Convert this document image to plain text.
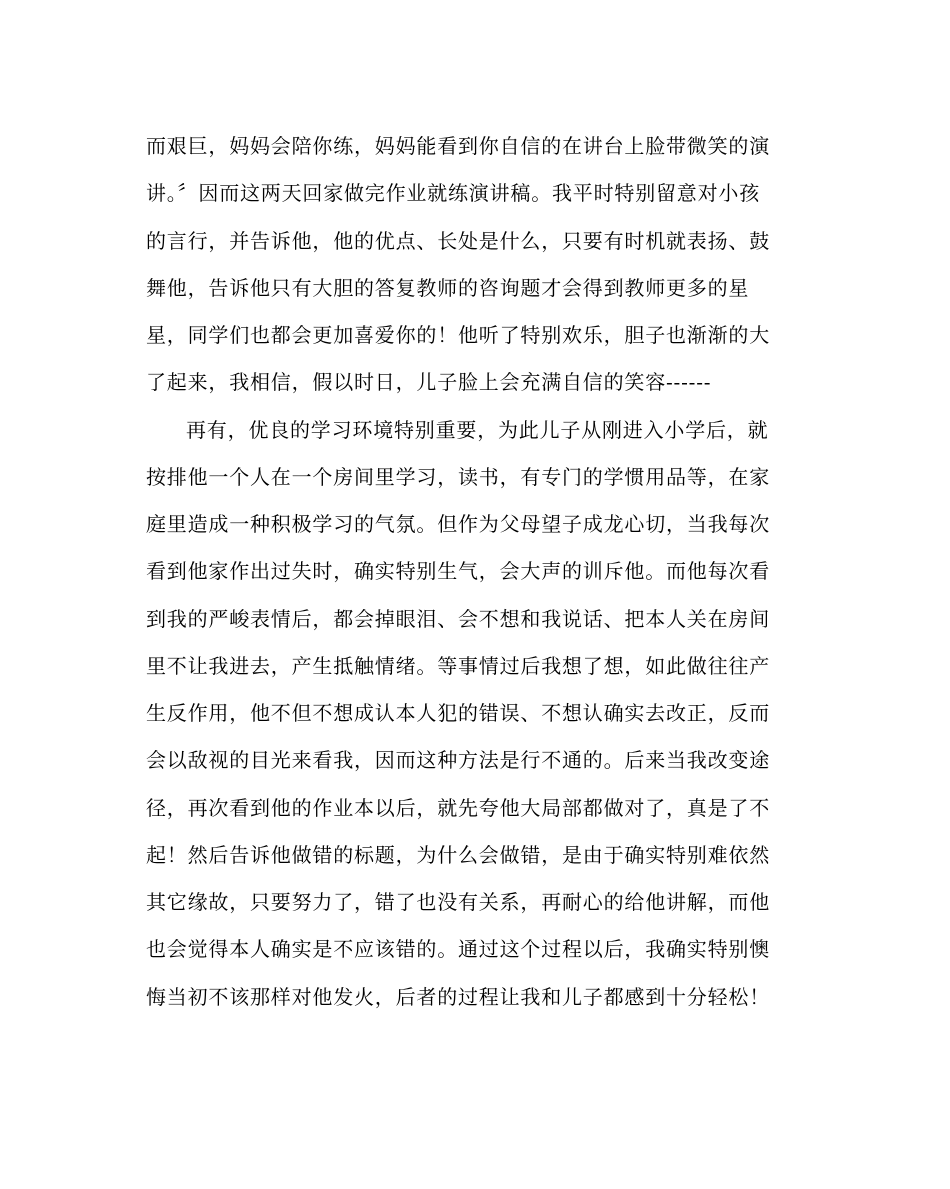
而艰巨，妈妈会陪你练，妈妈能看到你自信的在讲台上脸带微笑的演
讲。〞因而这两天回家做完作业就练演讲稿。我平时特别留意对小孩
的言行，并告诉他，他的优点、长处是什么，只要有时机就表扬、鼓
舞他，告诉他只有大胆的答复教师的咨询题才会得到教师更多的星
星，同学们也都会更加喜爱你的！他听了特别欢乐，胆子也渐渐的大
了起来，我相信，假以时日，儿子脸上会充满自信的笑容------
再有，优良的学习环境特别重要，为此儿子从刚进入小学后，就
按排他一个人在一个房间里学习，读书，有专门的学惯用品等，在家
庭里造成一种积极学习的气氛。但作为父母望子成龙心切，当我每次
看到他家作出过失时，确实特别生气，会大声的训斥他。而他每次看
到我的严峻表情后，都会掉眼泪、会不想和我说话、把本人关在房间
里不让我进去，产生抵触情绪。等事情过后我想了想，如此做往往产
生反作用，他不但不想成认本人犯的错误、不想认确实去改正，反而
会以敌视的目光来看我，因而这种方法是行不通的。后来当我改变途
径，再次看到他的作业本以后，就先夸他大局部都做对了，真是了不
起！然后告诉他做错的标题，为什么会做错，是由于确实特别难依然
其它缘故，只要努力了，错了也没有关系，再耐心的给他讲解，而他
也会觉得本人确实是不应该错的。通过这个过程以后，我确实特别懊
悔当初不该那样对他发火，后者的过程让我和儿子都感到十分轻松！
